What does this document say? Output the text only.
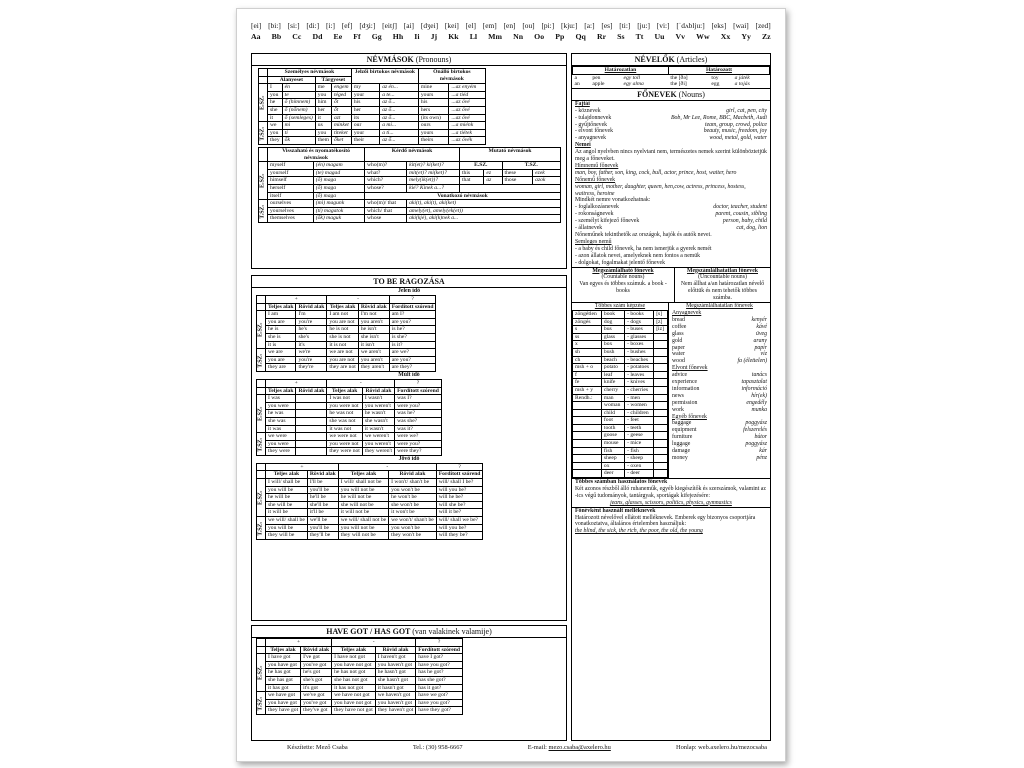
[ei] [bi:] [si:] [di:] [i:] [ef] [dʒi:] [eitʃ] [ai] [dʒei] [kei] [el] [em] [en] [ou] [pi:] [kju:] [a:] [es] [ti:] [ju:] [vi:] [ˈdʌblju:] [eks] [wai] [zed]
Aa Bb Cc Dd Ee Ff Gg Hh Ii Jj Kk Ll Mm Nn Oo Pp Qq Rr Ss Tt Uu Vv Ww Xx Yy Zz
NÉVMÁSOK (Pronouns)
	Személyes névmások				Jelzői birtokos névmások		Önálló birtokos névmások	
	Alanyeset		Tárgyeset					
E.SZ.	I	én	me	engem	my	az én...	mine	...az enyém
	you	te	you	téged	your	a te...	yours	...a tiéd
	he	ő (hímnem)	him	őt	his	az ő...	his	...az övé
	she	ő (nőnem)	her	őt	her	az ő...	hers	...az övé
	it	ő (semleges)	it	azt	its	az ő...	(its own)	...az övé
T.SZ.	we	mi	us	minket	our	a mi...	ours	...a miénk
	you	ti	you	titeket	your	a ti...	yours	...a tiétek
	they	ők	them	őket	their	az ő...	theirs	...az övék
	Visszaható és nyomatékosító névmások		Kérdő névmások		Mutató névmások			
E.SZ.	myself	(én) magam	who(m)?	kit(et)? ki(ket)?	E.SZ.		T.SZ.	
	yourself	(te) magad	what?	mit(et)? mi(ket)?	this	ez	these	ezek
	himself	(ő) maga	which?	mely(ik(et))?	that	az	those	azok
	herself	(ő) maga	whose?	kié? Kinek a...?				
	itself	(ő) maga	Vonatkozó névmások					
T.SZ.	ourselves	(mi) magunk	who(m)/ that	aki(t), aki(t), aki(ket)				
	yourselves	(ti) magatok	which/ that	amely(et), amely(ek(et))				
	themselves	(ők) maguk	whose	aki(kjé), aki(k)nek a...				
TO BE RAGOZÁSA
Jelen idő
	+		-		?
	Teljes alak	Rövid alak	Teljes alak	Rövid alak	Fordított szórend
E.SZ.	I am	I'm	I am not	I'm not	am I?
	you are	you're	you are not	you aren't	are you?
	he is	he's	he is not	he isn't	is he?
	she is	she's	she is not	she isn't	is she?
	it is	it's	it is not	it isn't	is it?
T.SZ.	we are	we're	we are not	we aren't	are we?
	you are	you're	you are not	you aren't	are you?
	they are	they're	they are not	they aren't	are they?
Múlt idő
	+		-		?
	Teljes alak	Rövid alak	Teljes alak	Rövid alak	Fordított szórend
E.SZ.	I was		I was not	I wasn't	was I?
	you were		you were not	you weren't	were you?
	he was		he was not	he wasn't	was he?
	she was		she was not	she wasn't	was she?
	it was		it was not	it wasn't	was it?
T.SZ.	we were		we were not	we weren't	were we?
	you were		you were not	you weren't	were you?
	they were		they were not	they weren't	were they?
Jövő idő
	+		-		?
	Teljes alak	Rövid alak	Teljes alak	Rövid alak	Fordított szórend
E.SZ.	I will/ shall be	I'll be	I will/ shall not be	I won't/ shan't be	will/ shall I be?
	you will be	you'll be	you will not be	you won't be	will you be?
	he will be	he'll be	he will not be	he won't be	will he be?
	she will be	she'll be	she will not be	she won't be	will she be?
	it will be	it'll be	it will not be	it won't be	will it be?
T.SZ.	we will/ shall be	we'll be	we will/ shall not be	we won't/ shan't be	will/ shall we be?
	you will be	you'll be	you will not be	you won't be	will you be?
	they will be	they'll be	they will not be	they won't be	will they be?
HAVE GOT / HAS GOT (van valakinek valamije)
	+		-		?
	Teljes alak	Rövid alak	Teljes alak	Rövid alak	Fordított szórend
E.SZ.	I have got	I've got	I have not got	I haven't got	have I got?
	you have got	you've got	you have not got	you haven't got	have you got?
	he has got	he's got	he has not got	he hasn't got	has he got?
	she has got	she's got	she has not got	she hasn't got	has she got?
	it has got	it's got	it has not got	it hasn't got	has it got?
T.SZ.	we have got	we've got	we have not got	we haven't got	have we got?
	you have got	you've got	you have not got	you haven't got	have you got?
	they have got	they've got	they have not got	they haven't got	have they got?
NÉVELŐK (Articles)
Határozatlan			Határozott		
a	pen	egy toll	the [ðə]	toy	a játék
an	apple	egy alma	the [ði]	egg	a tojás
FŐNEVEK (Nouns)
Fajtái
- köznevek	girl, cat, pen, city
- tulajdonnevek	Bob, Mr Lee, Rome, BBC, Macbeth, Audi
- gyűjtőnevek	team, group, crowd, police
- elvont főnevek	beauty, music, freedom, joy
- anyagnevek	wood, metal, gold, water
Nemei
Az angol nyelvben nincs nyelvtani nem, természetes nemek szerint különböztetjük meg a főneveket.
Hímnemű főnevek
man, boy, father, son, king, cock, bull, actor, prince, host, waiter, hero
Nőnemű főnevek
woman, girl, mother, daughter, queen, hen,cow, actress, princess, hostess, waitress, heroine
Mindkét nemre vonatkozhatnak:
- foglalkozásnevek	doctor, teacher, student
- rokonságnevek	parent, cousin, sibling
- személyt kifejező főnevek	person, baby, child
- állatnevek	cat, dog, lion
Nőneműnek tekinthetők az országok, hajók és autók nevei.
Semleges nemű
- a baby és child főnevek, ha nem ismerjük a gyerek nemét
- azon állatok nevei, amelyeknek nem fontos a nemük
- dolgokat, fogalmakat jelentő főnevek
Megszámlálható főnevek
(Countable nouns)
Van egyes és többes számuk. a book - books
Megszámlálhatatlan főnevek
(Uncountable nouns)
Nem állhat a/an határozatlan névelő előttük és nem tehetők többes számba.
Többes szám képzése
zöngétlen	book	- books	[s]
zöngés	dog	- dogs	[z]
s	bus	- buses	[iz]
ss	glass	- glasses	
x	box	- boxes	
sh	bush	- bushes	
ch	beach	- beaches	
msh + o	potato	- potatoes	
f	leaf	- leaves	
fe	knife	- knives	
msh + y	cherry	- cherries	
Rendh.:	man	- men	
	woman	- women	
	child	- children	
	foot	- feet	
	tooth	- teeth	
	goose	- geese	
	mouse	- mice	
	fish	- fish	
	sheep	- sheep	
	ox	- oxen	
	deer	- deer	
Megszámlálhatatlan főnevek
Anyagnevek
bread	kenyér
coffee	kávé
glass	üveg
gold	arany
paper	papír
water	víz
wood	fa (élettelen)
Elvont főnevek
advice	tanács
experience	tapasztalat
information	információ
news	hír(ek)
permission	engedély
work	munka
Egyéb főnevek
baggage	poggyász
equipment	felszerelés
furniture	bútor
luggage	poggyász
damage	kár
money	pénz
Többes számban használatos főnevek
Két azonos részből álló ruhaneműk, egyéb kiegészítők és szerszámok, valamint az -ics végű tudományok, tantárgyak, sportágak kifejezésére:
jeans, glasses, scissors, politics, physics, gymnastics
Főnévként használt melléknevek
Határozott névelővel ellátott melléknevek. Emberek egy bizonyos csoportjára vonatkoztatva, általános értelemben használjuk:
the blind, the sick, the rich, the poor, the old, the young
Készítette: Mező Csaba	Tel.: (30) 958-6667	E-mail: mezo.csaba@axelero.hu	Honlap: web.axelero.hu/mezocsaba
